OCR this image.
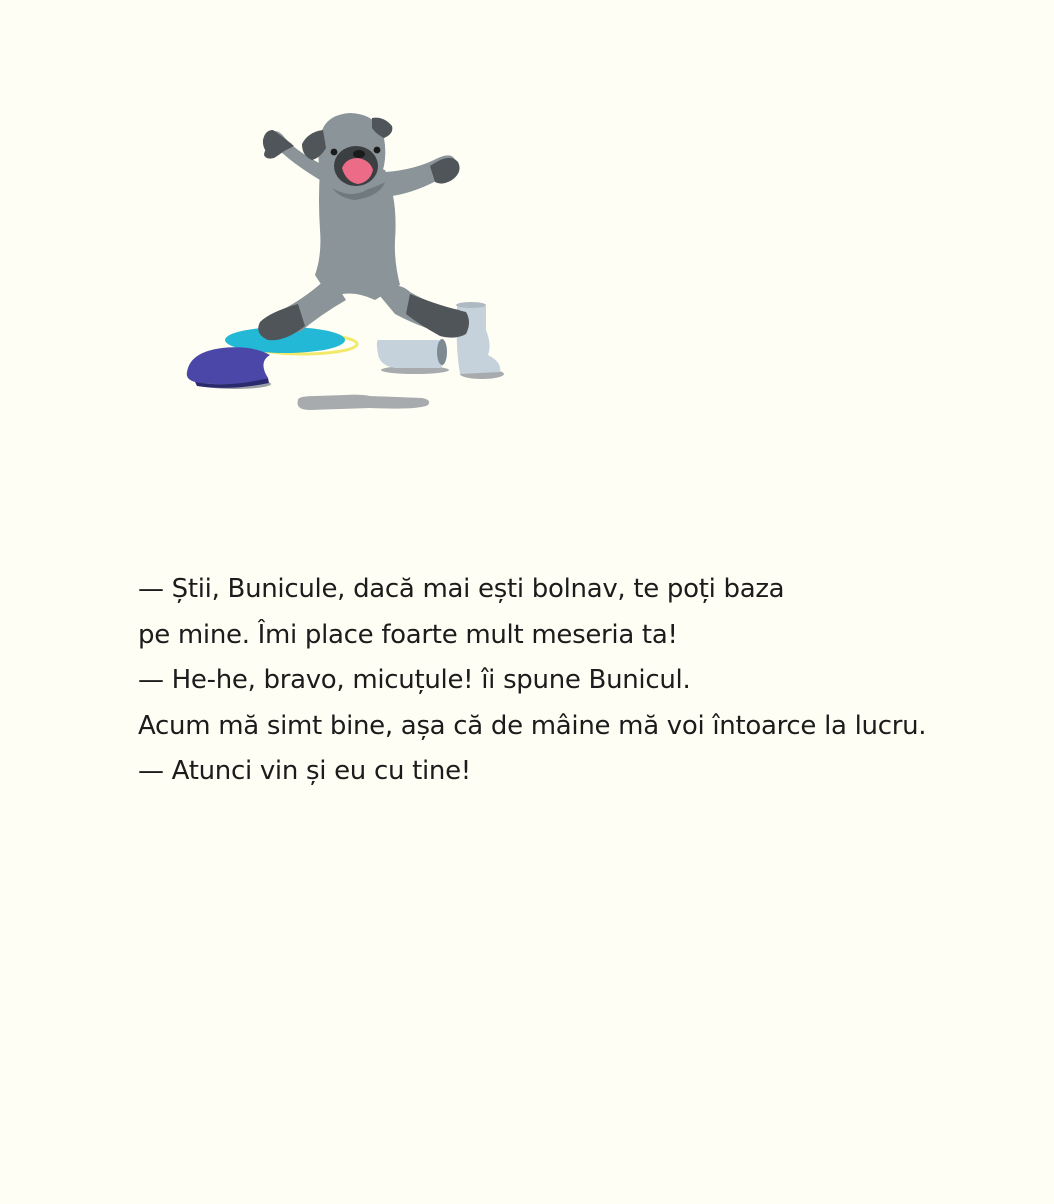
— Știi, Bunicule, dacă mai ești bolnav, te poți baza
pe mine. Îmi place foarte mult meseria ta!
— He-he, bravo, micuțule! îi spune Bunicul.
Acum mă simt bine, așa că de mâine mă voi întoarce la lucru.
— Atunci vin și eu cu tine!
